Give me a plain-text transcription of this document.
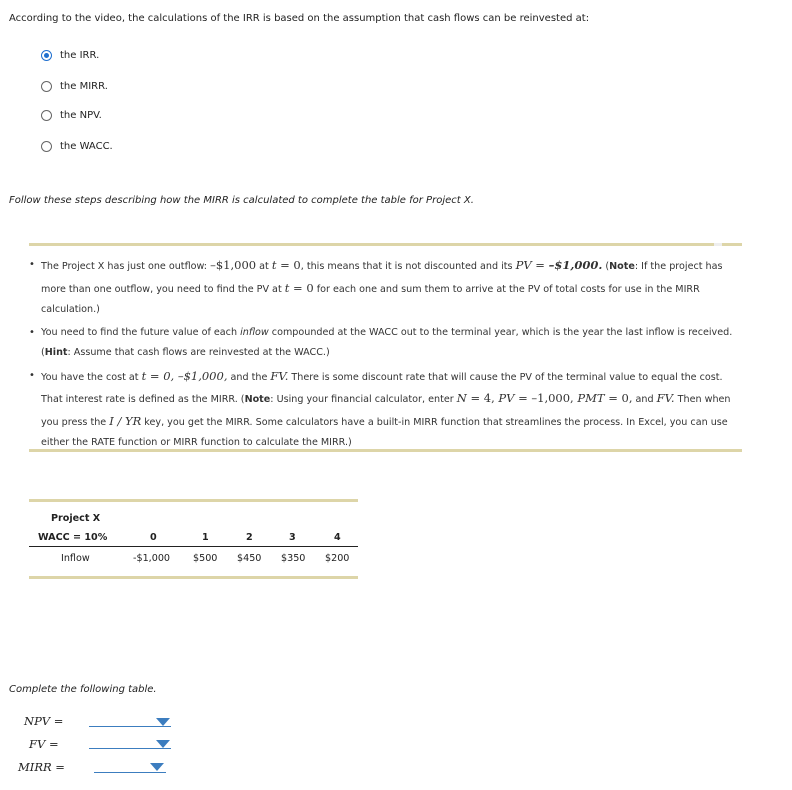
According to the video, the calculations of the IRR is based on the assumption that cash flows can be reinvested at:
the IRR.
the MIRR.
the NPV.
the WACC.
Follow these steps describing how the MIRR is calculated to complete the table for Project X.
• The Project X has just one outflow: –$1,000 at t = 0, this means that it is not discounted and its PV = –$1,000. (Note: If the project has more than one outflow, you need to find the PV at t = 0 for each one and sum them to arrive at the PV of total costs for use in the MIRR calculation.)
• You need to find the future value of each inflow compounded at the WACC out to the terminal year, which is the year the last inflow is received. (Hint: Assume that cash flows are reinvested at the WACC.)
• You have the cost at t = 0, –$1,000, and the FV. There is some discount rate that will cause the PV of the terminal value to equal the cost. That interest rate is defined as the MIRR. (Note: Using your financial calculator, enter N = 4, PV = –1,000, PMT = 0, and FV. Then when you press the I / YR key, you get the MIRR. Some calculators have a built-in MIRR function that streamlines the process. In Excel, you can use either the RATE function or MIRR function to calculate the MIRR.)
Project X
WACC = 10%	0	1	2	3	4
Inflow	-$1,000 $500 $450 $350 $200
Complete the following table.
NPV =
FV =
MIRR =
